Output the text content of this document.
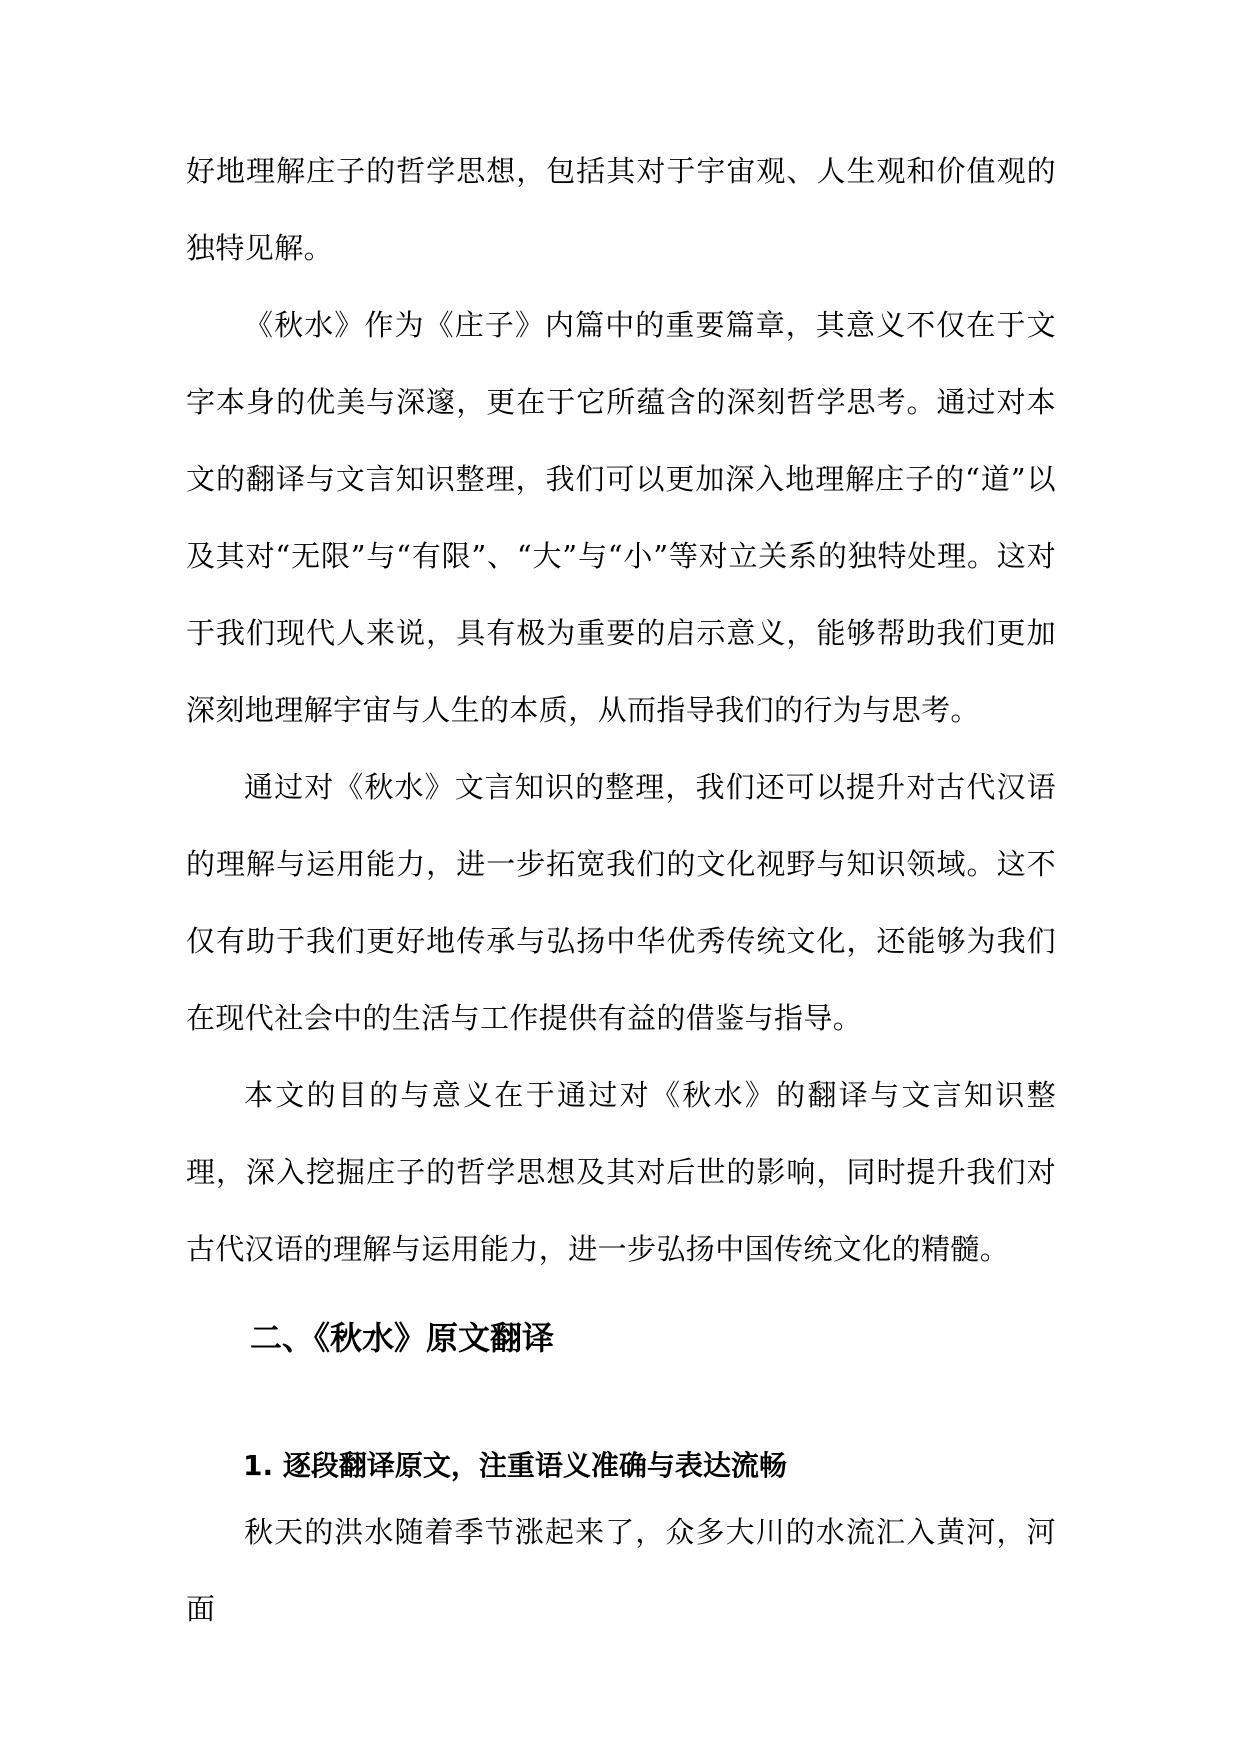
好地理解庄子的哲学思想，包括其对于宇宙观、人生观和价值观的独特见解。

《秋水》作为《庄子》内篇中的重要篇章，其意义不仅在于文字本身的优美与深邃，更在于它所蕴含的深刻哲学思考。通过对本文的翻译与文言知识整理，我们可以更加深入地理解庄子的“道”以及其对“无限”与“有限”、“大”与“小”等对立关系的独特处理。这对于我们现代人来说，具有极为重要的启示意义，能够帮助我们更加深刻地理解宇宙与人生的本质，从而指导我们的行为与思考。

通过对《秋水》文言知识的整理，我们还可以提升对古代汉语的理解与运用能力，进一步拓宽我们的文化视野与知识领域。这不仅有助于我们更好地传承与弘扬中华优秀传统文化，还能够为我们在现代社会中的生活与工作提供有益的借鉴与指导。

本文的目的与意义在于通过对《秋水》的翻译与文言知识整理，深入挖掘庄子的哲学思想及其对后世的影响，同时提升我们对古代汉语的理解与运用能力，进一步弘扬中国传统文化的精髓。

二、《秋水》原文翻译
1. 逐段翻译原文，注重语义准确与表达流畅

秋天的洪水随着季节涨起来了，众多大川的水流汇入黄河，河面
